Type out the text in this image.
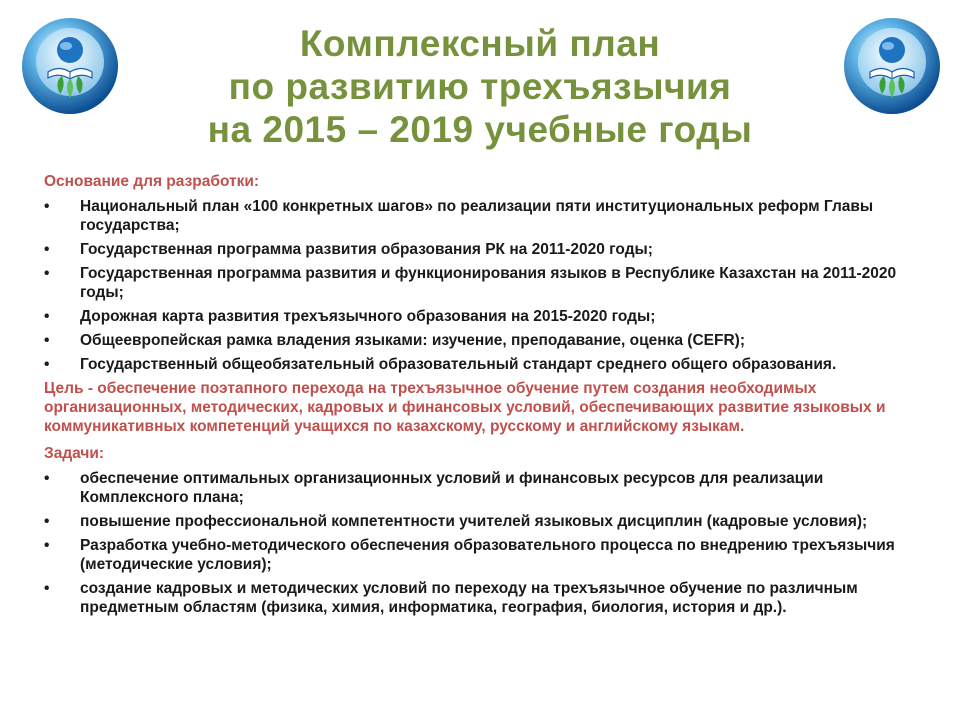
Комплексный план
по развитию трехъязычия
на 2015 – 2019 учебные годы
Основание для разработки:
• Национальный план «100 конкретных шагов» по реализации пяти институциональных реформ Главы государства;
• Государственная программа развития образования РК на 2011-2020 годы;
• Государственная программа развития и функционирования языков в Республике Казахстан на 2011-2020 годы;
• Дорожная карта развития трехъязычного образования на 2015-2020 годы;
• Общеевропейская рамка владения языками: изучение, преподавание, оценка (CEFR);
• Государственный общеобязательный образовательный стандарт среднего общего образования.
Цель - обеспечение поэтапного перехода на трехъязычное обучение путем создания необходимых организационных, методических, кадровых и финансовых условий, обеспечивающих развитие языковых и коммуникативных компетенций учащихся по казахскому, русскому и английскому языкам.
Задачи:
• обеспечение оптимальных организационных условий и финансовых ресурсов для реализации Комплексного плана;
• повышение профессиональной компетентности учителей языковых дисциплин (кадровые условия);
• Разработка учебно-методического обеспечения образовательного процесса по внедрению трехъязычия (методические условия);
• создание кадровых и методических условий по переходу на трехъязычное обучение по различным предметным областям (физика, химия, информатика, география, биология, история и др.).
